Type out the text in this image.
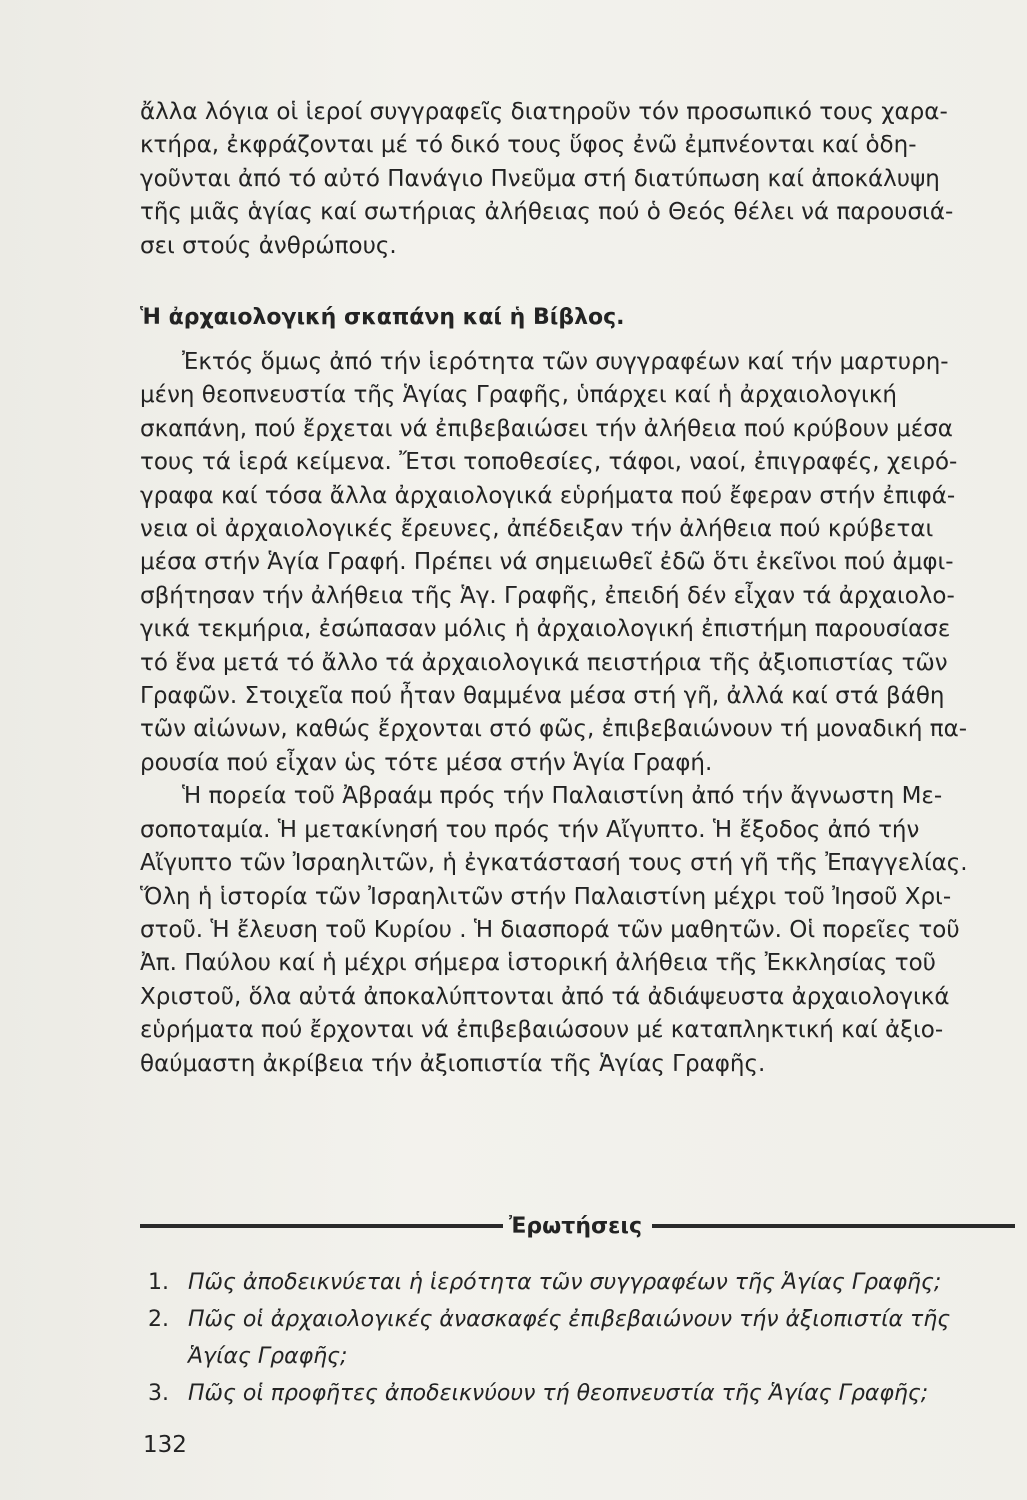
ἄλλα λόγια οἱ ἱεροί συγγραφεῖς διατηροῦν τόν προσωπικό τους χαρα-
κτήρα, ἐκφράζονται μέ τό δικό τους ὕφος ἐνῶ ἐμπνέονται καί ὁδη-
γοῦνται ἀπό τό αὐτό Πανάγιο Πνεῦμα στή διατύπωση καί ἀποκάλυψη
τῆς μιᾶς ἁγίας καί σωτήριας ἀλήθειας πού ὁ Θεός θέλει νά παρουσιά-
σει στούς ἀνθρώπους.
Ἡ ἀρχαιολογική σκαπάνη καί ἡ Βίβλος.
Ἐκτός ὅμως ἀπό τήν ἱερότητα τῶν συγγραφέων καί τήν μαρτυρη-
μένη θεοπνευστία τῆς Ἁγίας Γραφῆς, ὑπάρχει καί ἡ ἀρχαιολογική
σκαπάνη, πού ἔρχεται νά ἐπιβεβαιώσει τήν ἀλήθεια πού κρύβουν μέσα
τους τά ἱερά κείμενα. Ἔτσι τοποθεσίες, τάφοι, ναοί, ἐπιγραφές, χειρό-
γραφα καί τόσα ἄλλα ἀρχαιολογικά εὑρήματα πού ἔφεραν στήν ἐπιφά-
νεια οἱ ἀρχαιολογικές ἔρευνες, ἀπέδειξαν τήν ἀλήθεια πού κρύβεται
μέσα στήν Ἁγία Γραφή. Πρέπει νά σημειωθεῖ ἐδῶ ὅτι ἐκεῖνοι πού ἀμφι-
σβήτησαν τήν ἀλήθεια τῆς Ἁγ. Γραφῆς, ἐπειδή δέν εἶχαν τά ἀρχαιολο-
γικά τεκμήρια, ἐσώπασαν μόλις ἡ ἀρχαιολογική ἐπιστήμη παρουσίασε
τό ἕνα μετά τό ἄλλο τά ἀρχαιολογικά πειστήρια τῆς ἀξιοπιστίας τῶν
Γραφῶν. Στοιχεῖα πού ἦταν θαμμένα μέσα στή γῆ, ἀλλά καί στά βάθη
τῶν αἰώνων, καθώς ἔρχονται στό φῶς, ἐπιβεβαιώνουν τή μοναδική πα-
ρουσία πού εἶχαν ὡς τότε μέσα στήν Ἁγία Γραφή.
Ἡ πορεία τοῦ Ἀβραάμ πρός τήν Παλαιστίνη ἀπό τήν ἄγνωστη Με-
σοποταμία. Ἡ μετακίνησή του πρός τήν Αἴγυπτο. Ἡ ἔξοδος ἀπό τήν
Αἴγυπτο τῶν Ἰσραηλιτῶν, ἡ ἐγκατάστασή τους στή γῆ τῆς Ἐπαγγελίας.
Ὅλη ἡ ἱστορία τῶν Ἰσραηλιτῶν στήν Παλαιστίνη μέχρι τοῦ Ἰησοῦ Χρι-
στοῦ. Ἡ ἔλευση τοῦ Κυρίου . Ἡ διασπορά τῶν μαθητῶν. Οἱ πορεῖες τοῦ
Ἀπ. Παύλου καί ἡ μέχρι σήμερα ἱστορική ἀλήθεια τῆς Ἐκκλησίας τοῦ
Χριστοῦ, ὅλα αὐτά ἀποκαλύπτονται ἀπό τά ἀδιάψευστα ἀρχαιολογικά
εὑρήματα πού ἔρχονται νά ἐπιβεβαιώσουν μέ καταπληκτική καί ἀξιο-
θαύμαστη ἀκρίβεια τήν ἀξιοπιστία τῆς Ἁγίας Γραφῆς.
Ἐρωτήσεις
1. Πῶς ἀποδεικνύεται ἡ ἱερότητα τῶν συγγραφέων τῆς Ἁγίας Γραφῆς;
2. Πῶς οἱ ἀρχαιολογικές ἀνασκαφές ἐπιβεβαιώνουν τήν ἀξιοπιστία τῆς
Ἁγίας Γραφῆς;
3. Πῶς οἱ προφῆτες ἀποδεικνύουν τή θεοπνευστία τῆς Ἁγίας Γραφῆς;
132
